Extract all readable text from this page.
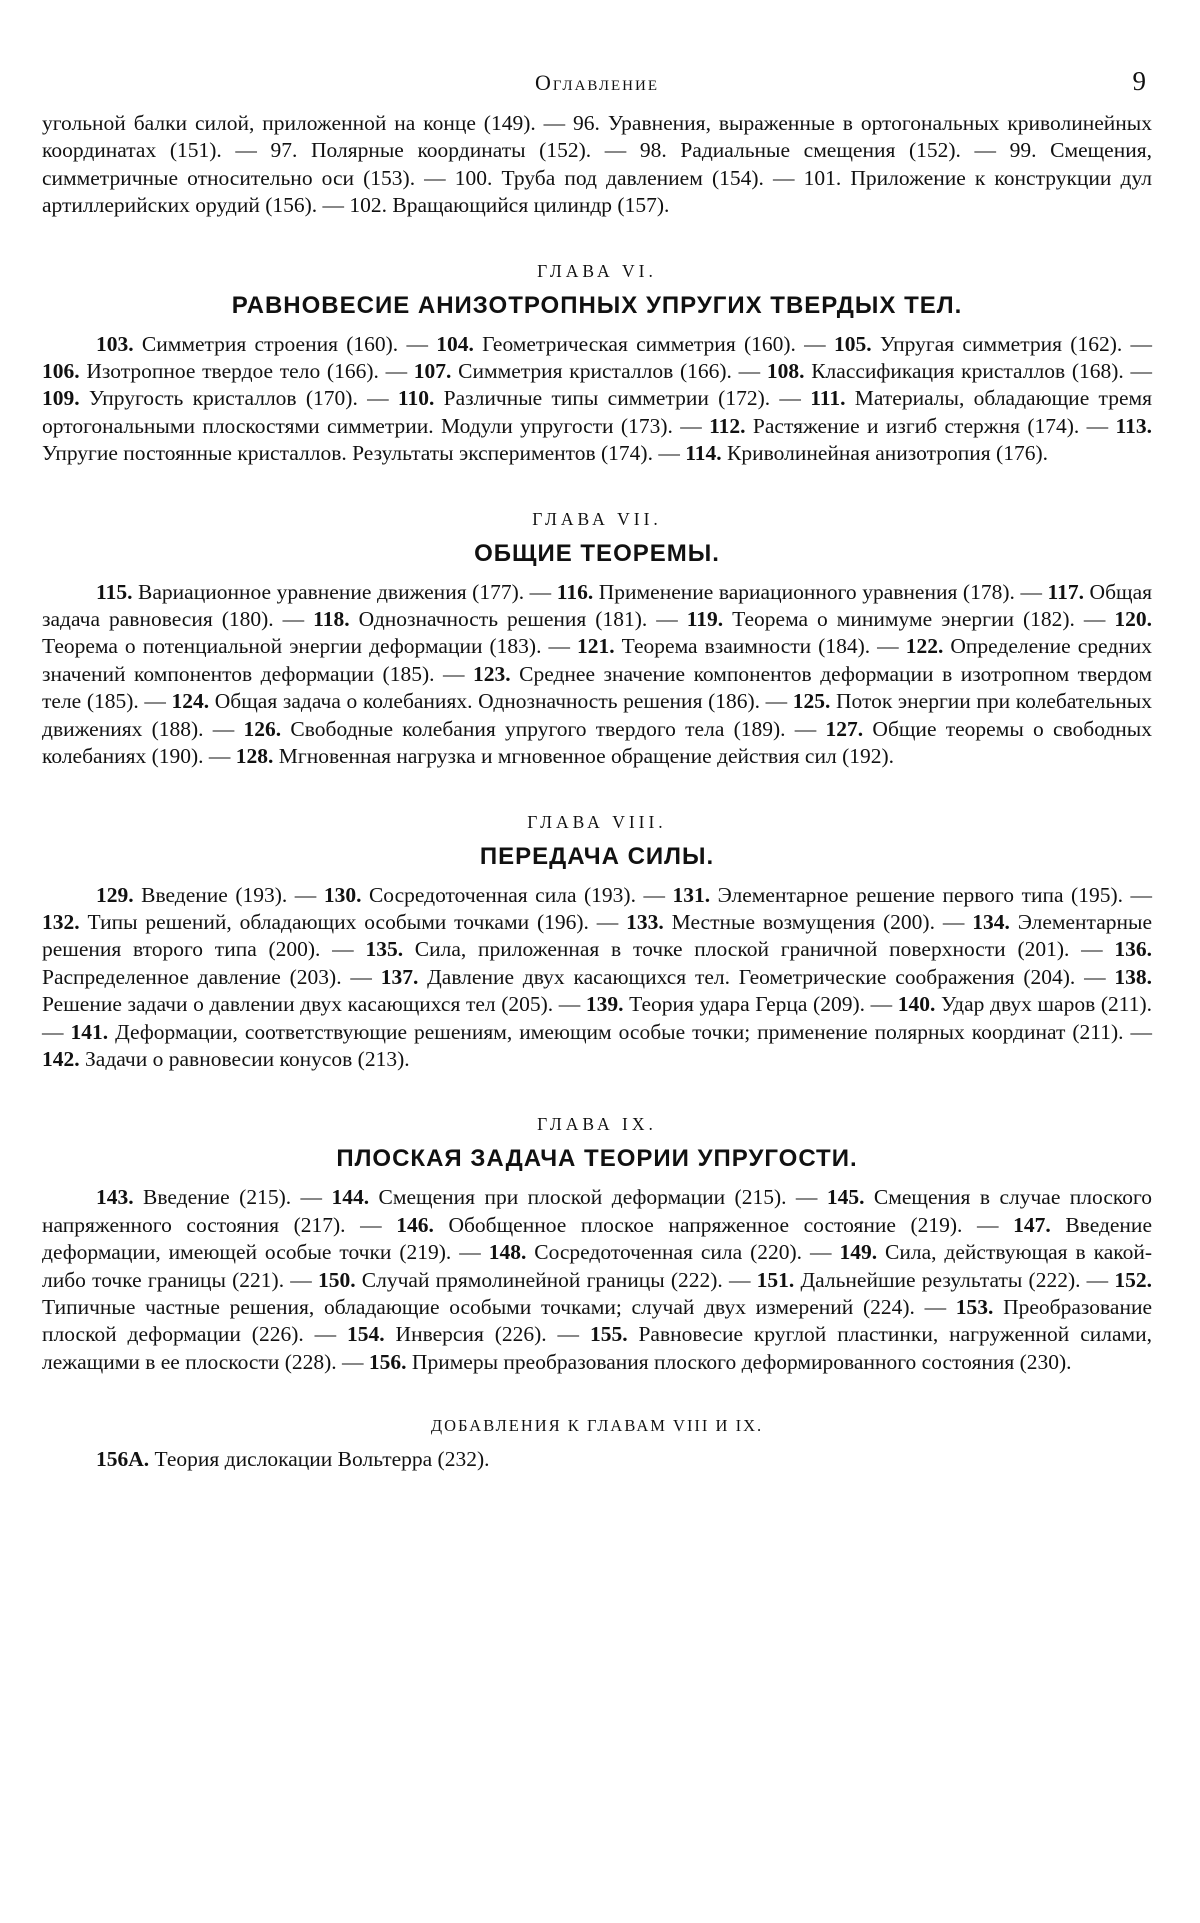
Оглавление	9

угольной балки силой, приложенной на конце (149). — 96. Уравнения, выраженные в ортогональных криволинейных координатах (151). — 97. Полярные координаты (152). — 98. Радиальные смещения (152). — 99. Смещения, симметричные относительно оси (153). — 100. Труба под давлением (154). — 101. Приложение к конструкции дул артиллерийских орудий (156). — 102. Вращающийся цилиндр (157).

ГЛАВА VI.
РАВНОВЕСИЕ АНИЗОТРОПНЫХ УПРУГИХ ТВЕРДЫХ ТЕЛ.

103. Симметрия строения (160). — 104. Геометрическая симметрия (160). — 105. Упругая симметрия (162). — 106. Изотропное твердое тело (166). — 107. Симметрия кристаллов (166). — 108. Классификация кристаллов (168). — 109. Упругость кристаллов (170). — 110. Различные типы симметрии (172). — 111. Материалы, обладающие тремя ортогональными плоскостями симметрии. Модули упругости (173). — 112. Растяжение и изгиб стержня (174). — 113. Упругие постоянные кристаллов. Результаты экспериментов (174). — 114. Криволинейная анизотропия (176).

ГЛАВА VII.
ОБЩИЕ ТЕОРЕМЫ.

115. Вариационное уравнение движения (177). — 116. Применение вариационного уравнения (178). — 117. Общая задача равновесия (180). — 118. Однозначность решения (181). — 119. Теорема о минимуме энергии (182). — 120. Теорема о потенциальной энергии деформации (183). — 121. Теорема взаимности (184). — 122. Определение средних значений компонентов деформации (185). — 123. Среднее значение компонентов деформации в изотропном твердом теле (185). — 124. Общая задача о колебаниях. Однозначность решения (186). — 125. Поток энергии при колебательных движениях (188). — 126. Свободные колебания упругого твердого тела (189). — 127. Общие теоремы о свободных колебаниях (190). — 128. Мгновенная нагрузка и мгновенное обращение действия сил (192).

ГЛАВА VIII.
ПЕРЕДАЧА СИЛЫ.

129. Введение (193). — 130. Сосредоточенная сила (193). — 131. Элементарное решение первого типа (195). — 132. Типы решений, обладающих особыми точками (196). — 133. Местные возмущения (200). — 134. Элементарные решения второго типа (200). — 135. Сила, приложенная в точке плоской граничной поверхности (201). — 136. Распределенное давление (203). — 137. Давление двух касающихся тел. Геометрические соображения (204). — 138. Решение задачи о давлении двух касающихся тел (205). — 139. Теория удара Герца (209). — 140. Удар двух шаров (211). — 141. Деформации, соответствующие решениям, имеющим особые точки; применение полярных координат (211). — 142. Задачи о равновесии конусов (213).

ГЛАВА IX.
ПЛОСКАЯ ЗАДАЧА ТЕОРИИ УПРУГОСТИ.

143. Введение (215). — 144. Смещения при плоской деформации (215). — 145. Смещения в случае плоского напряженного состояния (217). — 146. Обобщенное плоское напряженное состояние (219). — 147. Введение деформации, имеющей особые точки (219). — 148. Сосредоточенная сила (220). — 149. Сила, действующая в какой-либо точке границы (221). — 150. Случай прямолинейной границы (222). — 151. Дальнейшие результаты (222). — 152. Типичные частные решения, обладающие особыми точками; случай двух измерений (224). — 153. Преобразование плоской деформации (226). — 154. Инверсия (226). — 155. Равновесие круглой пластинки, нагруженной силами, лежащими в ее плоскости (228). — 156. Примеры преобразования плоского деформированного состояния (230).

ДОБАВЛЕНИЯ К ГЛАВАМ VIII И IX.

156A. Теория дислокации Вольтерра (232).
